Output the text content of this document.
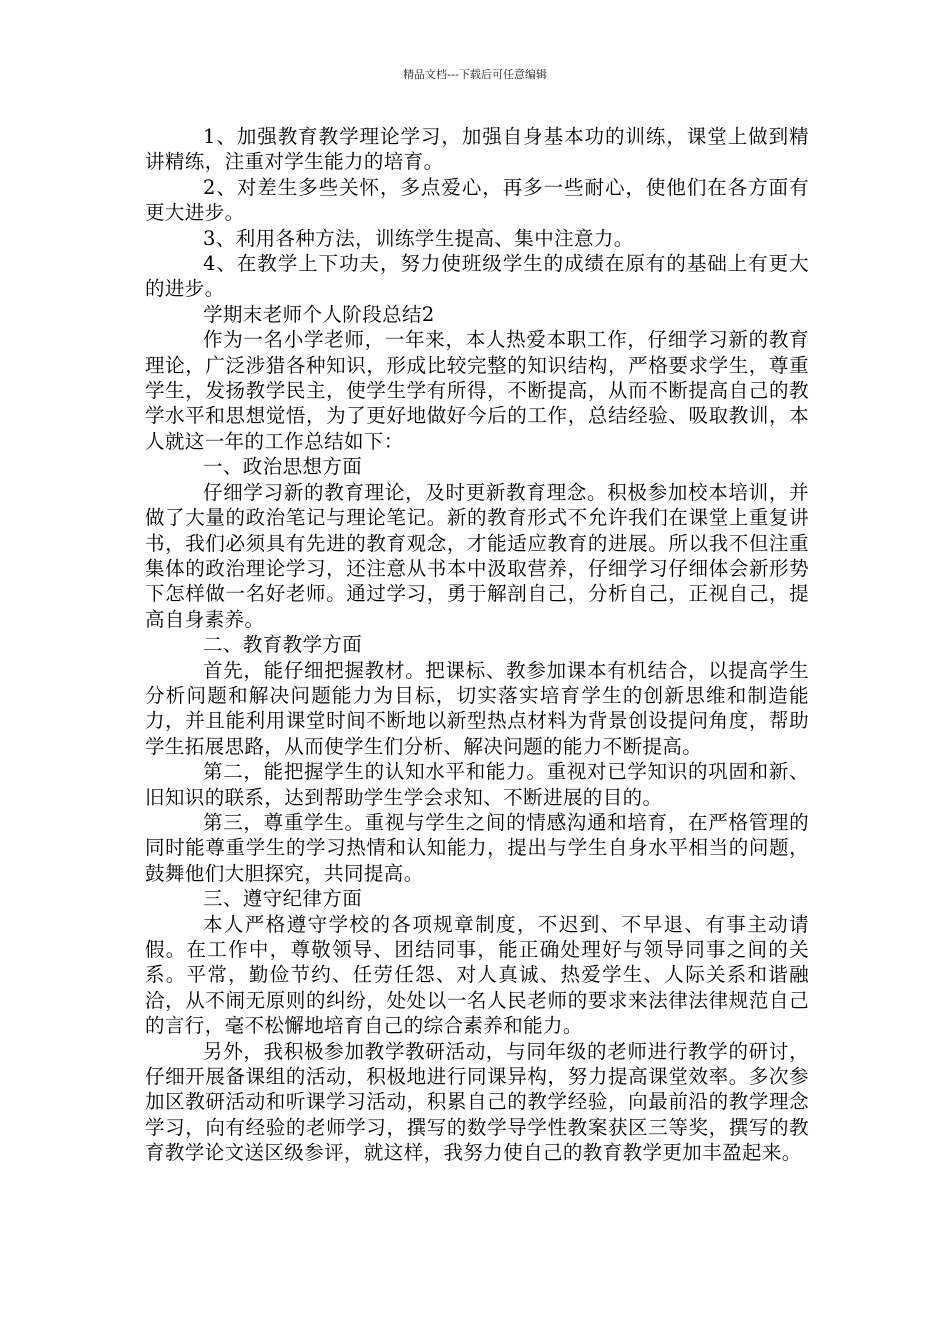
精品文档---下载后可任意编辑

1、加强教育教学理论学习，加强自身基本功的训练，课堂上做到精讲精练，注重对学生能力的培育。

2、对差生多些关怀，多点爱心，再多一些耐心，使他们在各方面有更大进步。

3、利用各种方法，训练学生提高、集中注意力。

4、在教学上下功夫，努力使班级学生的成绩在原有的基础上有更大的进步。

学期末老师个人阶段总结2

作为一名小学老师，一年来，本人热爱本职工作，仔细学习新的教育理论，广泛涉猎各种知识，形成比较完整的知识结构，严格要求学生，尊重学生，发扬教学民主，使学生学有所得，不断提高，从而不断提高自己的教学水平和思想觉悟，为了更好地做好今后的工作，总结经验、吸取教训，本人就这一年的工作总结如下：

一、政治思想方面

仔细学习新的教育理论，及时更新教育理念。积极参加校本培训，并做了大量的政治笔记与理论笔记。新的教育形式不允许我们在课堂上重复讲书，我们必须具有先进的教育观念，才能适应教育的进展。所以我不但注重集体的政治理论学习，还注意从书本中汲取营养，仔细学习仔细体会新形势下怎样做一名好老师。通过学习，勇于解剖自己，分析自己，正视自己，提高自身素养。

二、教育教学方面

首先，能仔细把握教材。把课标、教参加课本有机结合，以提高学生分析问题和解决问题能力为目标，切实落实培育学生的创新思维和制造能力，并且能利用课堂时间不断地以新型热点材料为背景创设提问角度，帮助学生拓展思路，从而使学生们分析、解决问题的能力不断提高。

第二，能把握学生的认知水平和能力。重视对已学知识的巩固和新、旧知识的联系，达到帮助学生学会求知、不断进展的目的。

第三，尊重学生。重视与学生之间的情感沟通和培育，在严格管理的同时能尊重学生的学习热情和认知能力，提出与学生自身水平相当的问题，鼓舞他们大胆探究，共同提高。

三、遵守纪律方面

本人严格遵守学校的各项规章制度，不迟到、不早退、有事主动请假。在工作中，尊敬领导、团结同事，能正确处理好与领导同事之间的关系。平常，勤俭节约、任劳任怨、对人真诚、热爱学生、人际关系和谐融洽，从不闹无原则的纠纷，处处以一名人民老师的要求来法律法律规范自己的言行，毫不松懈地培育自己的综合素养和能力。

另外，我积极参加教学教研活动，与同年级的老师进行教学的研讨，仔细开展备课组的活动，积极地进行同课异构，努力提高课堂效率。多次参加区教研活动和听课学习活动，积累自己的教学经验，向最前沿的教学理念学习，向有经验的老师学习，撰写的数学导学性教案获区三等奖，撰写的教育教学论文送区级参评，就这样，我努力使自己的教育教学更加丰盈起来。
